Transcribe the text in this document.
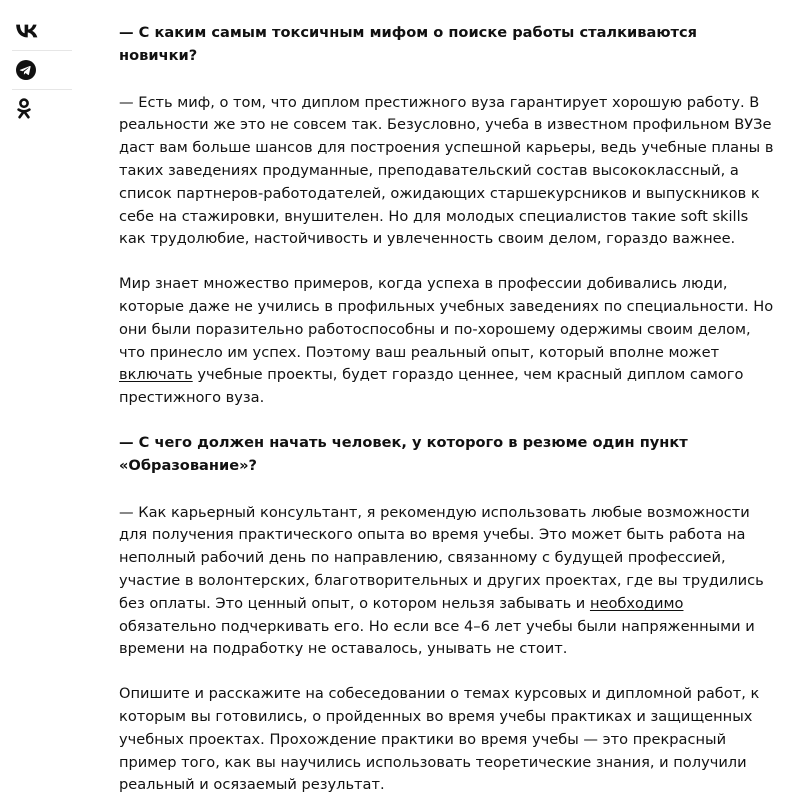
— С каким самым токсичным мифом о поиске работы сталкиваются новички?

— Есть миф, о том, что диплом престижного вуза гарантирует хорошую работу. В реальности же это не совсем так. Безусловно, учеба в известном профильном ВУЗе даст вам больше шансов для построения успешной карьеры, ведь учебные планы в таких заведениях продуманные, преподавательский состав высококлассный, а список партнеров-работодателей, ожидающих старшекурсников и выпускников к себе на стажировки, внушителен. Но для молодых специалистов такие soft skills как трудолюбие, настойчивость и увлеченность своим делом, гораздо важнее.

Мир знает множество примеров, когда успеха в профессии добивались люди, которые даже не учились в профильных учебных заведениях по специальности. Но они были поразительно работоспособны и по-хорошему одержимы своим делом, что принесло им успех. Поэтому ваш реальный опыт, который вполне может включать учебные проекты, будет гораздо ценнее, чем красный диплом самого престижного вуза.

— С чего должен начать человек, у которого в резюме один пункт «Образование»?

— Как карьерный консультант, я рекомендую использовать любые возможности для получения практического опыта во время учебы. Это может быть работа на неполный рабочий день по направлению, связанному с будущей профессией, участие в волонтерских, благотворительных и других проектах, где вы трудились без оплаты. Это ценный опыт, о котором нельзя забывать и необходимо обязательно подчеркивать его. Но если все 4–6 лет учебы были напряженными и времени на подработку не оставалось, унывать не стоит.

Опишите и расскажите на собеседовании о темах курсовых и дипломной работ, к которым вы готовились, о пройденных во время учебы практиках и защищенных учебных проектах. Прохождение практики во время учебы — это прекрасный пример того, как вы научились использовать теоретические знания, и получили реальный и осязаемый результат.
